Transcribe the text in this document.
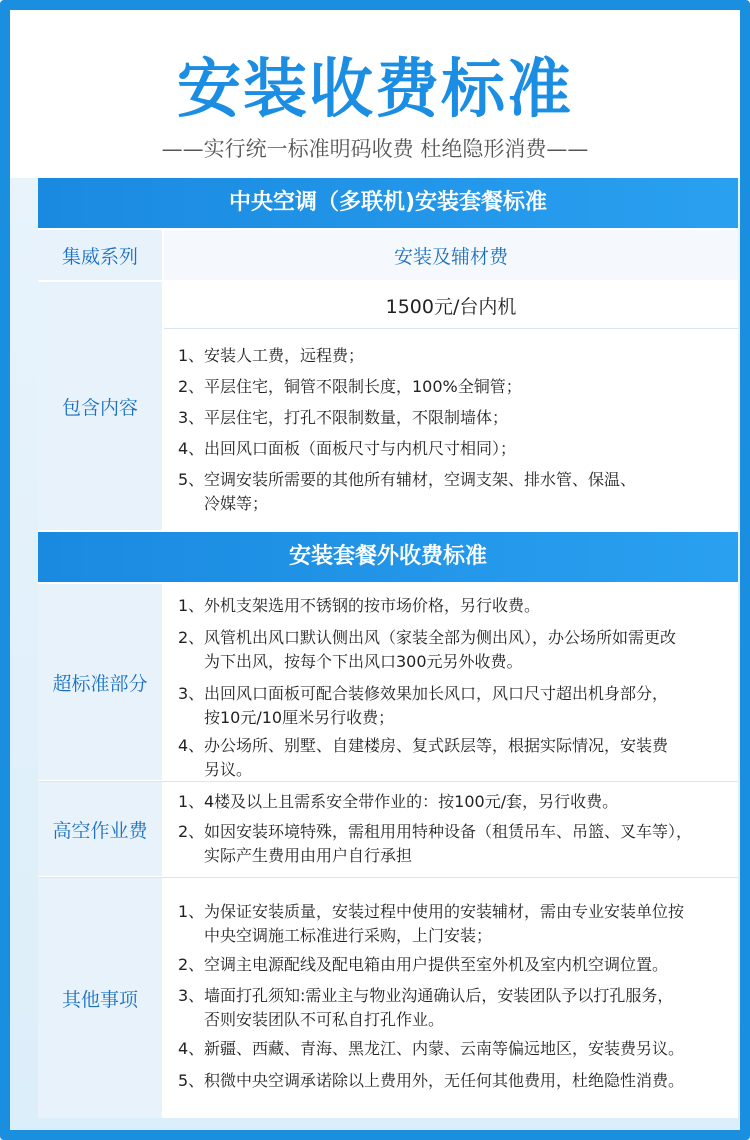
安装收费标准
——实行统一标准明码收费 杜绝隐形消费——
中央空调（多联机)安装套餐标准
集威系列	安装及辅材费
包含内容
1500元/台内机
1、安装人工费，远程费；
2、平层住宅，铜管不限制长度，100%全铜管；
3、平层住宅，打孔不限制数量，不限制墙体；
4、出回风口面板（面板尺寸与内机尺寸相同）；
5、空调安装所需要的其他所有辅材，空调支架、排水管、保温、
冷媒等；
安装套餐外收费标准
超标准部分
1、外机支架选用不锈钢的按市场价格，另行收费。
2、风管机出风口默认侧出风（家装全部为侧出风），办公场所如需更改
为下出风，按每个下出风口300元另外收费。
3、出回风口面板可配合装修效果加长风口，风口尺寸超出机身部分，
按10元/10厘米另行收费；
4、办公场所、别墅、自建楼房、复式跃层等，根据实际情况，安装费
另议。
高空作业费
1、4楼及以上且需系安全带作业的：按100元/套，另行收费。
2、如因安装环境特殊，需租用用特种设备（租赁吊车、吊篮、叉车等），
实际产生费用由用户自行承担
其他事项
1、为保证安装质量，安装过程中使用的安装辅材，需由专业安装单位按
中央空调施工标准进行采购，上门安装；
2、空调主电源配线及配电箱由用户提供至室外机及室内机空调位置。
3、墙面打孔须知:需业主与物业沟通确认后，安装团队予以打孔服务，
否则安装团队不可私自打孔作业。
4、新疆、西藏、青海、黑龙江、内蒙、云南等偏远地区，安装费另议。
5、积微中央空调承诺除以上费用外，无任何其他费用，杜绝隐性消费。
